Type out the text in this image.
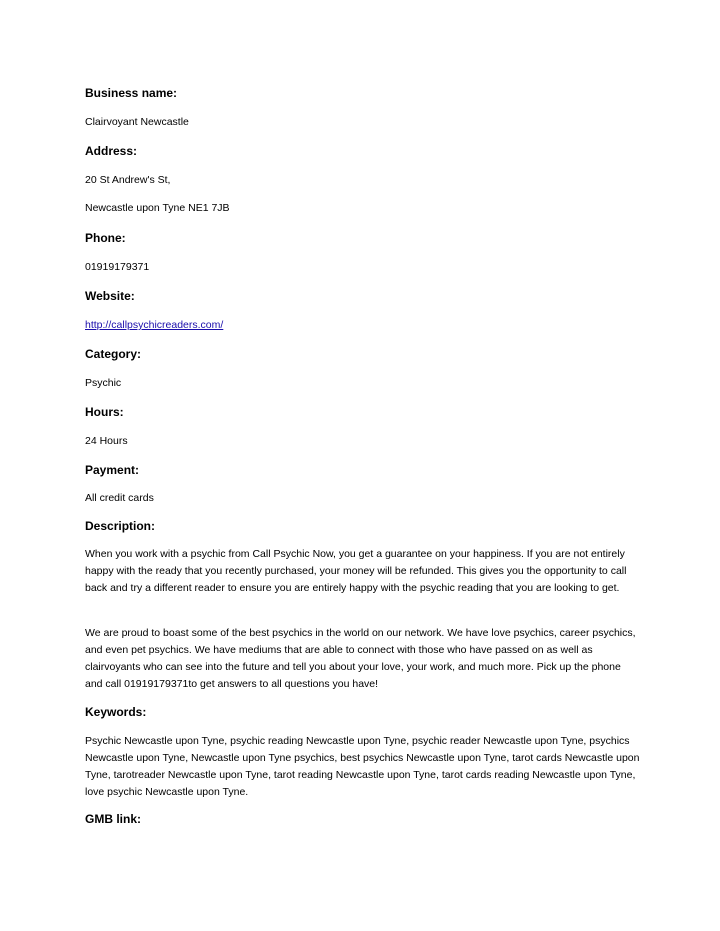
Business name:
Clairvoyant Newcastle
Address:
20 St Andrew's St,
Newcastle upon Tyne NE1 7JB
Phone:
01919179371
Website:
http://callpsychicreaders.com/
Category:
Psychic
Hours:
24 Hours
Payment:
All credit cards
Description:
When you work with a psychic from Call Psychic Now, you get a guarantee on your happiness. If you are not entirely happy with the ready that you recently purchased, your money will be refunded. This gives you the opportunity to call back and try a different reader to ensure you are entirely happy with the psychic reading that you are looking to get.
We are proud to boast some of the best psychics in the world on our network. We have love psychics, career psychics, and even pet psychics. We have mediums that are able to connect with those who have passed on as well as clairvoyants who can see into the future and tell you about your love, your work, and much more. Pick up the phone and call 01919179371to get answers to all questions you have!
Keywords:
Psychic Newcastle upon Tyne, psychic reading Newcastle upon Tyne, psychic reader Newcastle upon Tyne, psychics Newcastle upon Tyne, Newcastle upon Tyne psychics, best psychics Newcastle upon Tyne, tarot cards Newcastle upon Tyne, tarotreader Newcastle upon Tyne, tarot reading Newcastle upon Tyne, tarot cards reading Newcastle upon Tyne, love psychic Newcastle upon Tyne.
GMB link:
